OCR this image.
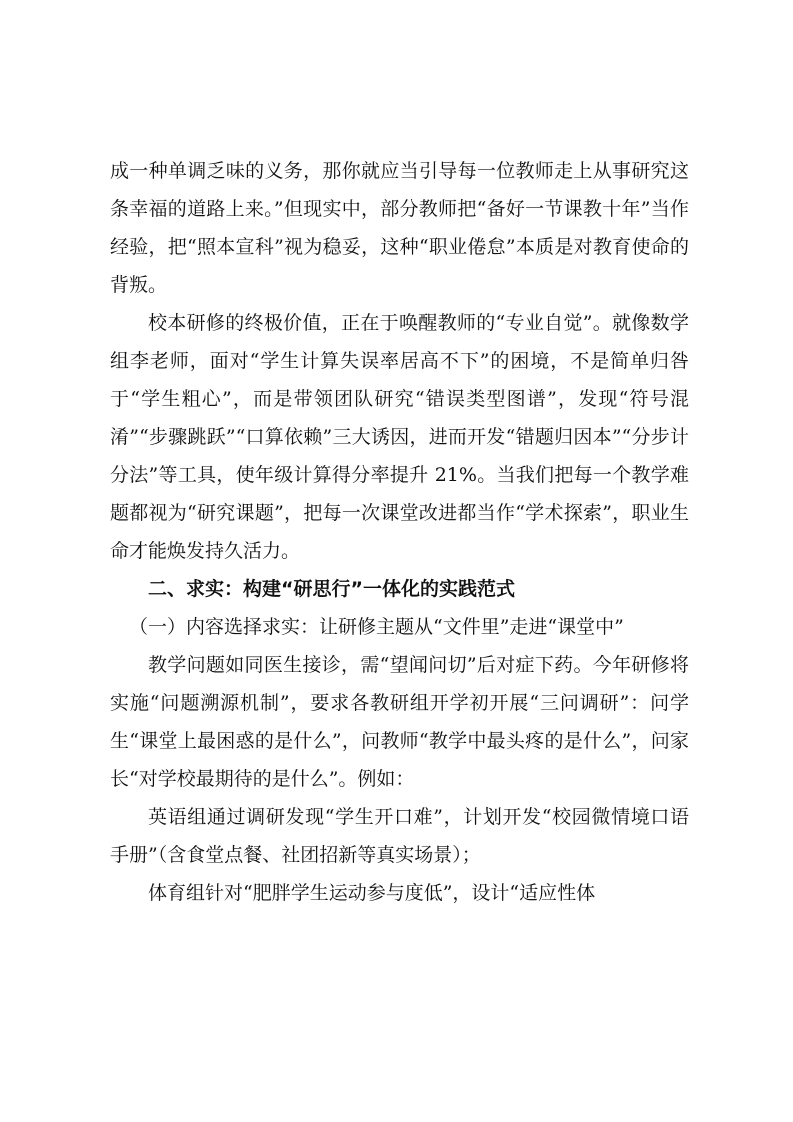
成一种单调乏味的义务，那你就应当引导每一位教师走上从事研究这条幸福的道路上来。”但现实中，部分教师把“备好一节课教十年”当作经验，把“照本宣科”视为稳妥，这种“职业倦怠”本质是对教育使命的背叛。

校本研修的终极价值，正在于唤醒教师的“专业自觉”。就像数学组李老师，面对“学生计算失误率居高不下”的困境，不是简单归咎于“学生粗心”，而是带领团队研究“错误类型图谱”，发现“符号混淆”“步骤跳跃”“口算依赖”三大诱因，进而开发“错题归因本”“分步计分法”等工具，使年级计算得分率提升 21%。当我们把每一个教学难题都视为“研究课题”，把每一次课堂改进都当作“学术探索”，职业生命才能焕发持久活力。

二、求实：构建“研思行”一体化的实践范式

（一）内容选择求实：让研修主题从“文件里”走进“课堂中”

教学问题如同医生接诊，需“望闻问切”后对症下药。今年研修将实施“问题溯源机制”，要求各教研组开学初开展“三问调研”：问学生“课堂上最困惑的是什么”，问教师“教学中最头疼的是什么”，问家长“对学校最期待的是什么”。例如：

英语组通过调研发现“学生开口难”，计划开发“校园微情境口语手册”（含食堂点餐、社团招新等真实场景）；

体育组针对“肥胖学生运动参与度低”，设计“适应性体
